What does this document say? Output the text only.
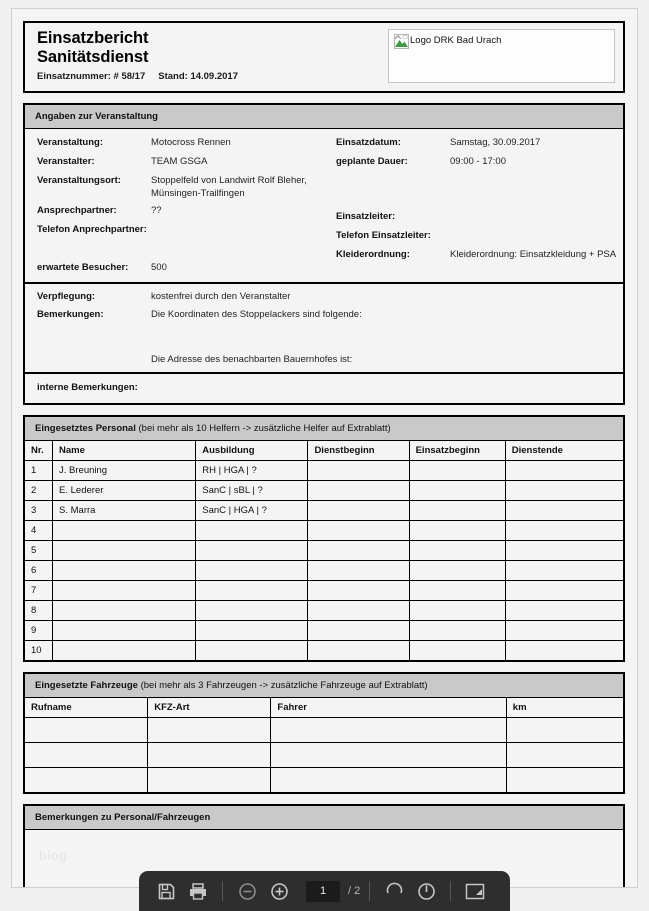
Einsatzbericht
Sanitätsdienst
Einsatznummer: # 58/17 Stand: 14.09.2017
Logo DRK Bad Urach
Angaben zur Veranstaltung
Veranstaltung:	Motocross Rennen
Veranstalter:	TEAM GSGA
Veranstaltungsort:	Stoppelfeld von Landwirt Rolf Bleher, Münsingen-Trailfingen
Ansprechpartner:	??
Telefon Anprechpartner:
erwartete Besucher:	500
Einsatzdatum:	Samstag, 30.09.2017
geplante Dauer:	09:00 - 17:00
Einsatzleiter:
Telefon Einsatzleiter:
Kleiderordnung:	Kleiderordnung: Einsatzkleidung + PSA
Verpflegung:	kostenfrei durch den Veranstalter
Bemerkungen:	Die Koordinaten des Stoppelackers sind folgende:
Die Adresse des benachbarten Bauernhofes ist:
interne Bemerkungen:
Eingesetztes Personal (bei mehr als 10 Helfern -> zusätzliche Helfer auf Extrablatt)
Nr.	Name	Ausbildung	Dienstbeginn	Einsatzbeginn	Dienstende
1	J. Breuning	RH | HGA | ?			
2	E. Lederer	SanC | sBL | ?			
3	S. Marra	SanC | HGA | ?			
4					
5					
6					
7					
8					
9					
10					
Eingesetzte Fahrzeuge (bei mehr als 3 Fahrzeugen -> zusätzliche Fahrzeuge auf Extrablatt)
Rufname	KFZ-Art	Fahrer	km

Bemerkungen zu Personal/Fahrzeugen
blog
1	/ 2
